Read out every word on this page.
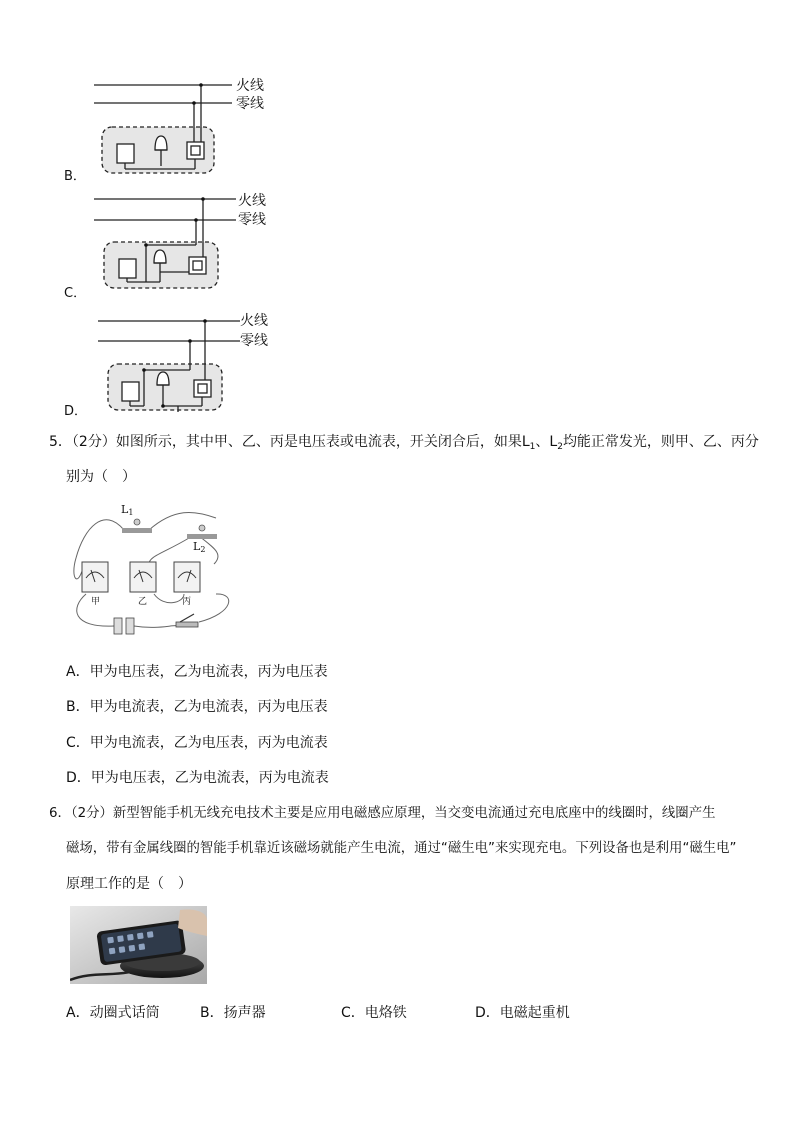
火线
零线
B．
火线
零线
C．
火线
零线
D．
5．（2分）如图所示，其中甲、乙、丙是电压表或电流表，开关闭合后，如果$L_1$、$L_2$均能正常发光，则甲、乙、丙分
别为（　）
L1
L2
甲	乙	丙
A．甲为电压表，乙为电流表，丙为电压表
B．甲为电流表，乙为电流表，丙为电压表
C．甲为电流表，乙为电压表，丙为电流表
D．甲为电压表，乙为电流表，丙为电流表
6．（2分）新型智能手机无线充电技术主要是应用电磁感应原理，当交变电流通过充电底座中的线圈时，线圈产生
磁场，带有金属线圈的智能手机靠近该磁场就能产生电流，通过“磁生电”来实现充电。下列设备也是利用“磁生电”
原理工作的是（　）
A．动圈式话筒	B．扬声器	C．电烙铁	D．电磁起重机
